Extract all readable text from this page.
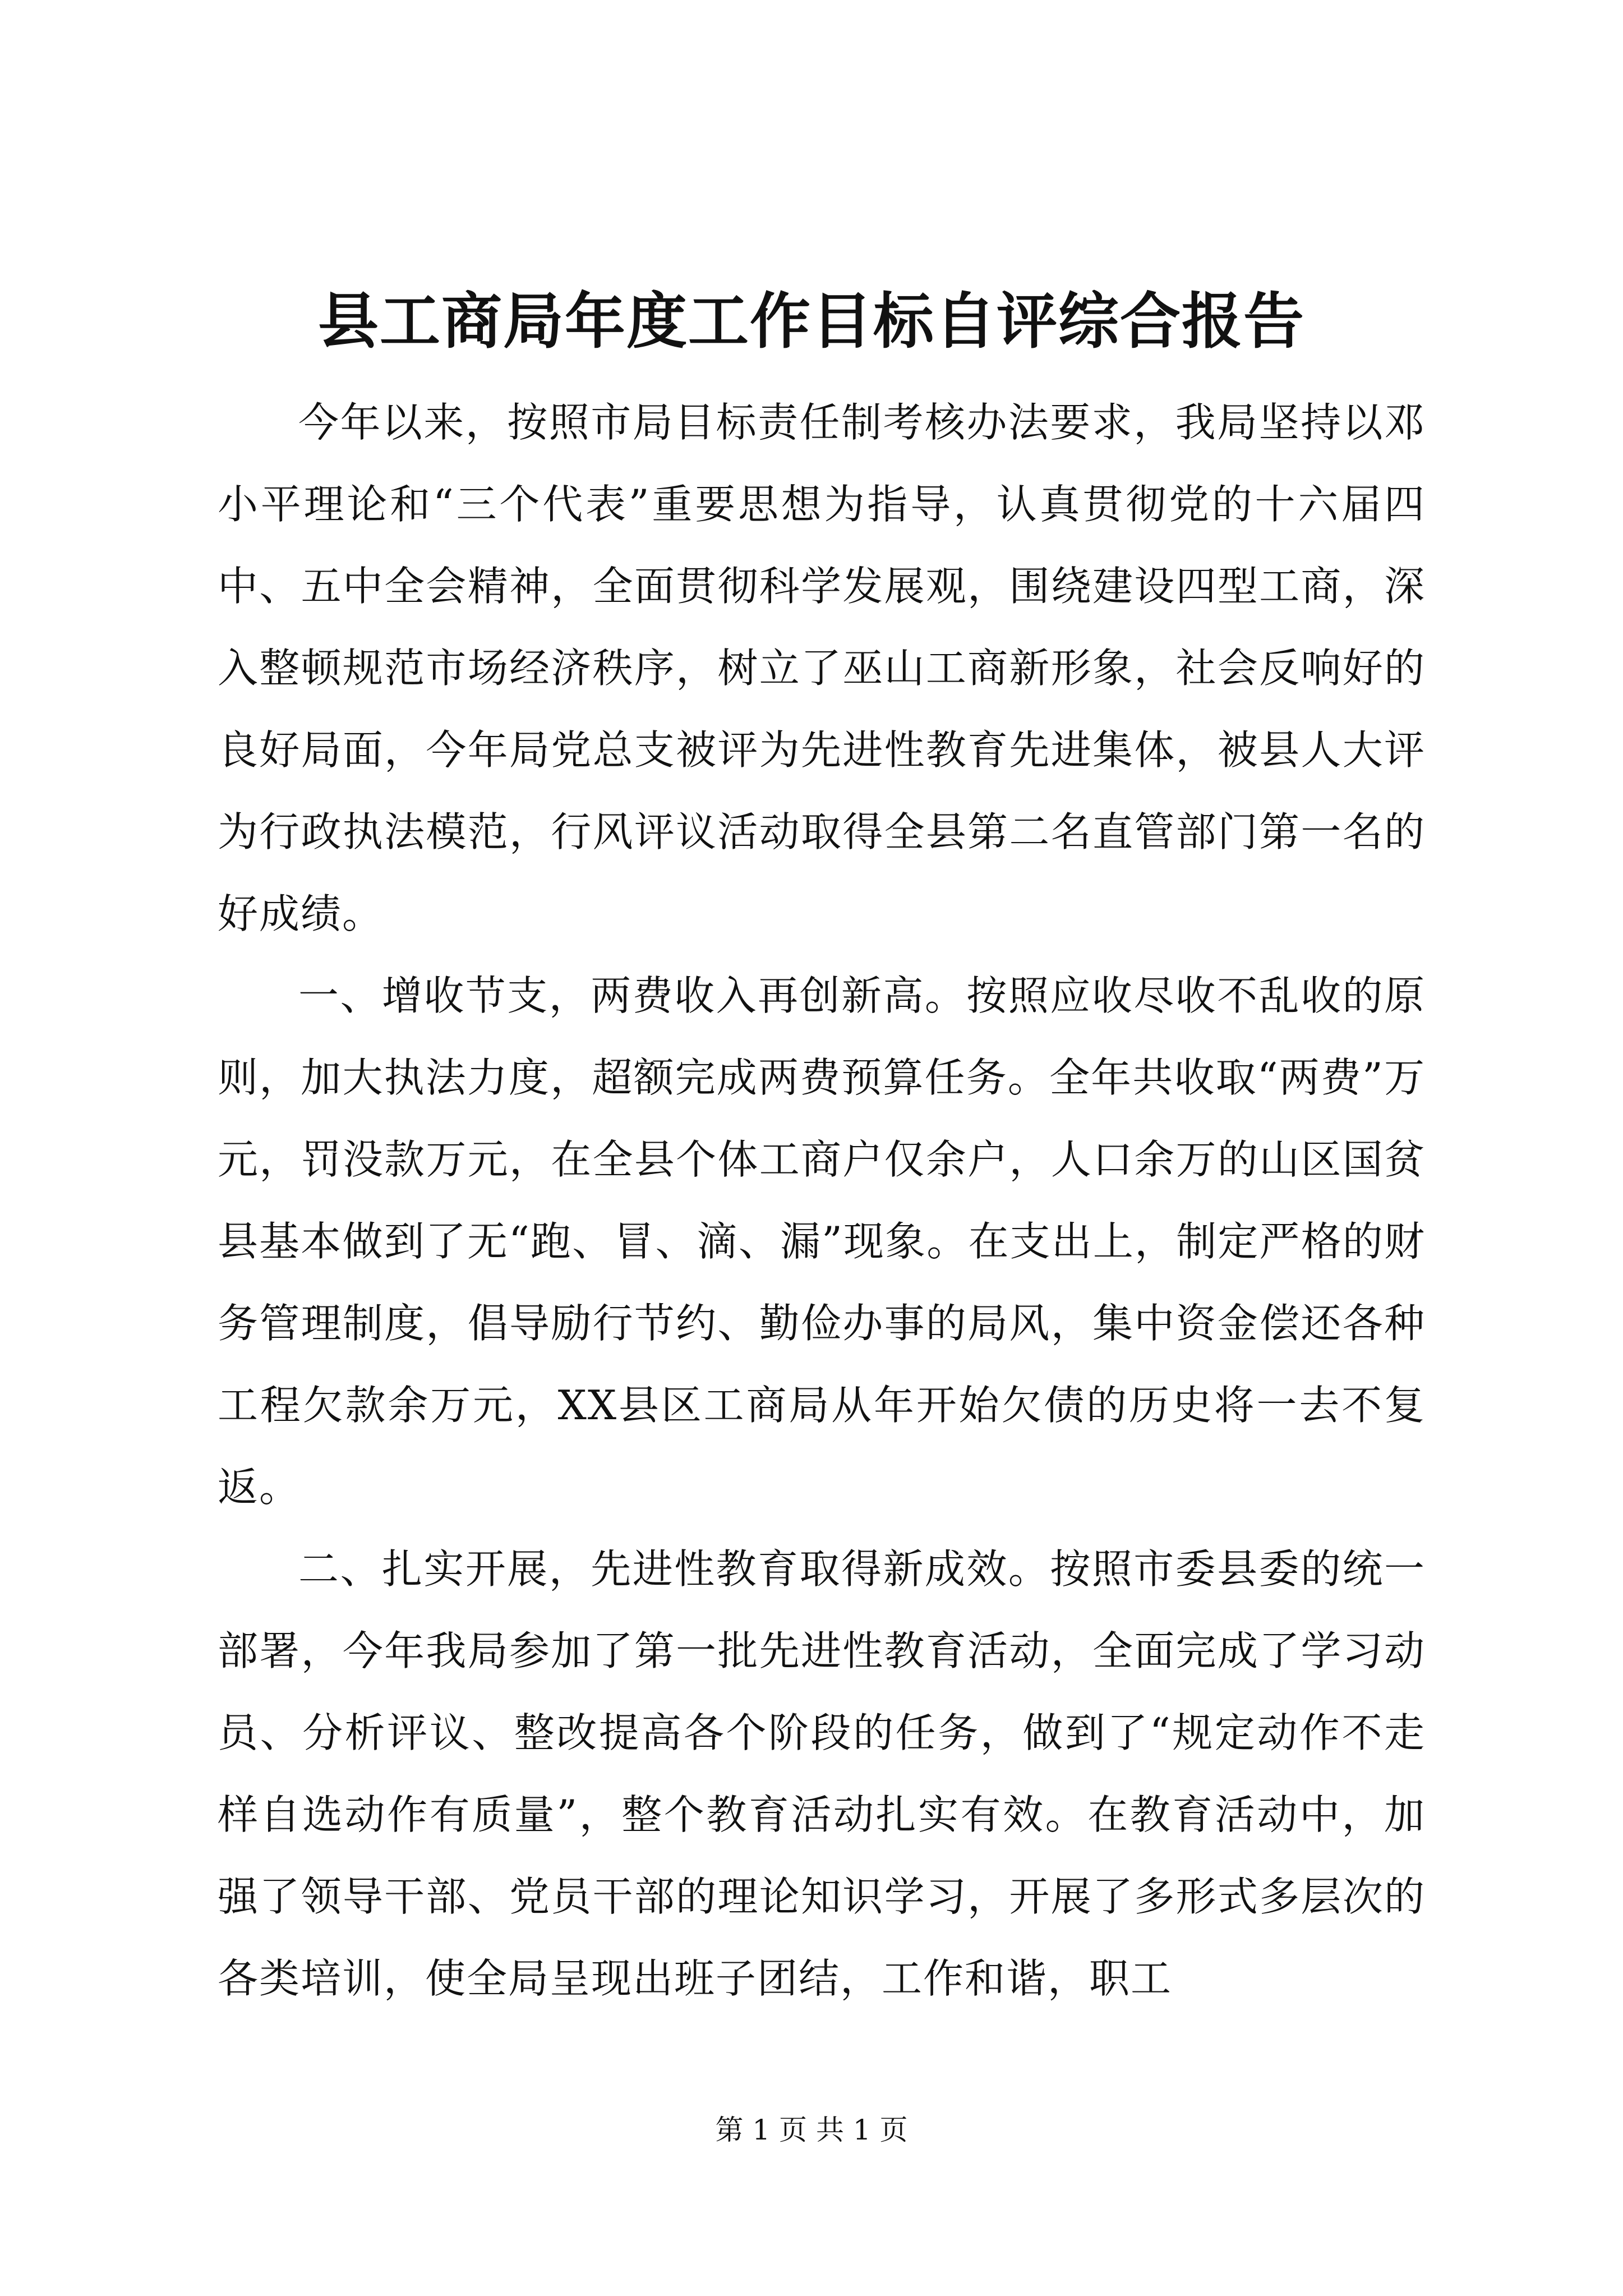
县工商局年度工作目标自评综合报告

今年以来，按照市局目标责任制考核办法要求，我局坚持以邓小平理论和“三个代表”重要思想为指导，认真贯彻党的十六届四中、五中全会精神，全面贯彻科学发展观，围绕建设四型工商，深入整顿规范市场经济秩序，树立了巫山工商新形象，社会反响好的良好局面，今年局党总支被评为先进性教育先进集体，被县人大评为行政执法模范，行风评议活动取得全县第二名直管部门第一名的好成绩。

一、增收节支，两费收入再创新高。按照应收尽收不乱收的原则，加大执法力度，超额完成两费预算任务。全年共收取“两费”万元，罚没款万元，在全县个体工商户仅余户，人口余万的山区国贫县基本做到了无“跑、冒、滴、漏”现象。在支出上，制定严格的财务管理制度，倡导励行节约、勤俭办事的局风，集中资金偿还各种工程欠款余万元，XX县区工商局从年开始欠债的历史将一去不复返。

二、扎实开展，先进性教育取得新成效。按照市委县委的统一部署，今年我局参加了第一批先进性教育活动，全面完成了学习动员、分析评议、整改提高各个阶段的任务，做到了“规定动作不走样自选动作有质量”，整个教育活动扎实有效。在教育活动中，加强了领导干部、党员干部的理论知识学习，开展了多形式多层次的各类培训，使全局呈现出班子团结，工作和谐，职工

第 1 页 共 1 页
